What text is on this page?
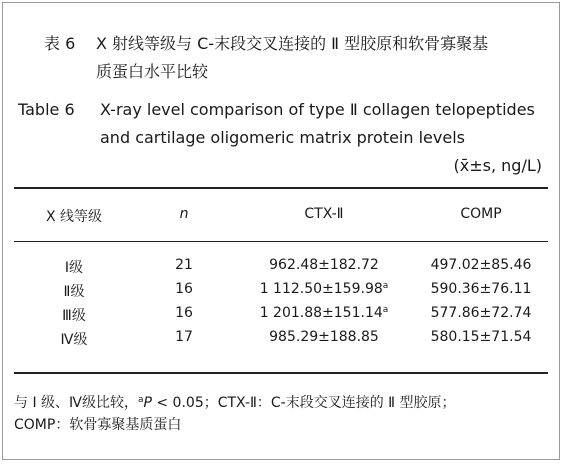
表 6 X 射线等级与 C-末段交叉连接的 Ⅱ 型胶原和软骨寡聚基
质蛋白水平比较
Table 6	X-ray level comparison of type Ⅱ collagen telopeptides and cartilage oligomeric matrix protein levels
(x̄±s, ng/L)
X 线等级	n	CTX-Ⅱ	COMP
Ⅰ级	21	962.48±182.72	497.02±85.46
Ⅱ级	16	1 112.50±159.98$^a$	590.36±76.11
Ⅲ级	16	1 201.88±151.14$^a$	577.86±72.74
Ⅳ级	17	985.29±188.85	580.15±71.54
与 Ⅰ 级、Ⅳ级比较，$^a$P < 0.05；CTX-Ⅱ：C-末段交叉连接的 Ⅱ 型胶原；
COMP：软骨寡聚基质蛋白
